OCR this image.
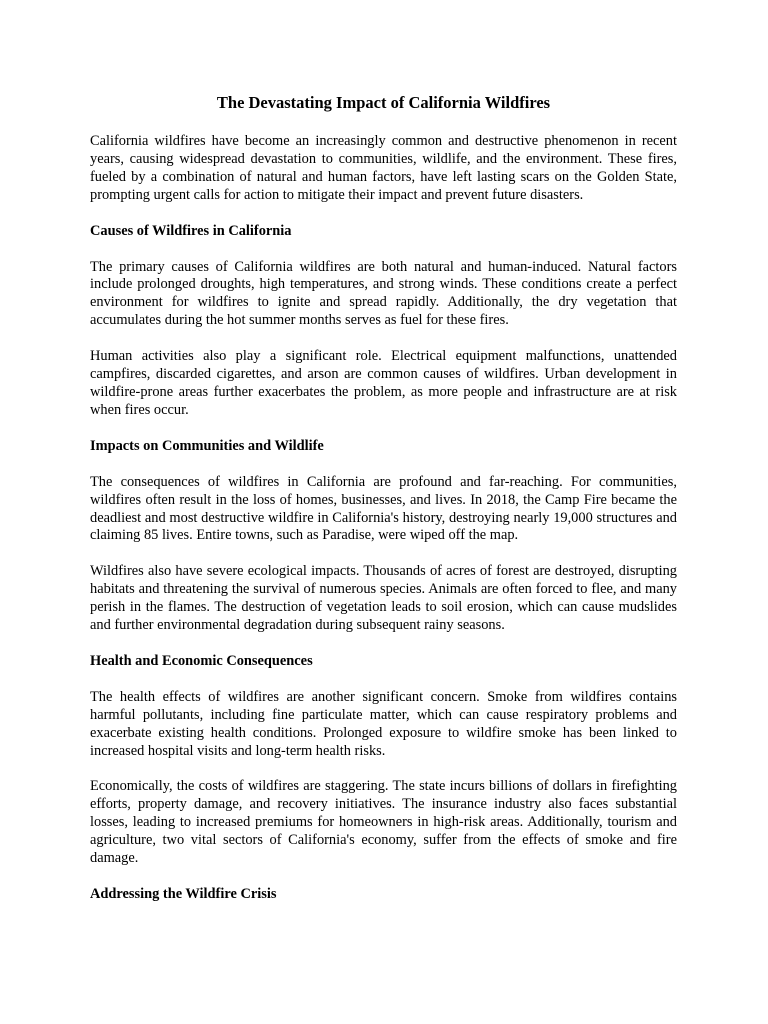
The Devastating Impact of California Wildfires

California wildfires have become an increasingly common and destructive phenomenon in recent years, causing widespread devastation to communities, wildlife, and the environment. These fires, fueled by a combination of natural and human factors, have left lasting scars on the Golden State, prompting urgent calls for action to mitigate their impact and prevent future disasters.

Causes of Wildfires in California

The primary causes of California wildfires are both natural and human-induced. Natural factors include prolonged droughts, high temperatures, and strong winds. These conditions create a perfect environment for wildfires to ignite and spread rapidly. Additionally, the dry vegetation that accumulates during the hot summer months serves as fuel for these fires.

Human activities also play a significant role. Electrical equipment malfunctions, unattended campfires, discarded cigarettes, and arson are common causes of wildfires. Urban development in wildfire-prone areas further exacerbates the problem, as more people and infrastructure are at risk when fires occur.

Impacts on Communities and Wildlife

The consequences of wildfires in California are profound and far-reaching. For communities, wildfires often result in the loss of homes, businesses, and lives. In 2018, the Camp Fire became the deadliest and most destructive wildfire in California's history, destroying nearly 19,000 structures and claiming 85 lives. Entire towns, such as Paradise, were wiped off the map.

Wildfires also have severe ecological impacts. Thousands of acres of forest are destroyed, disrupting habitats and threatening the survival of numerous species. Animals are often forced to flee, and many perish in the flames. The destruction of vegetation leads to soil erosion, which can cause mudslides and further environmental degradation during subsequent rainy seasons.

Health and Economic Consequences

The health effects of wildfires are another significant concern. Smoke from wildfires contains harmful pollutants, including fine particulate matter, which can cause respiratory problems and exacerbate existing health conditions. Prolonged exposure to wildfire smoke has been linked to increased hospital visits and long-term health risks.

Economically, the costs of wildfires are staggering. The state incurs billions of dollars in firefighting efforts, property damage, and recovery initiatives. The insurance industry also faces substantial losses, leading to increased premiums for homeowners in high-risk areas. Additionally, tourism and agriculture, two vital sectors of California's economy, suffer from the effects of smoke and fire damage.

Addressing the Wildfire Crisis
